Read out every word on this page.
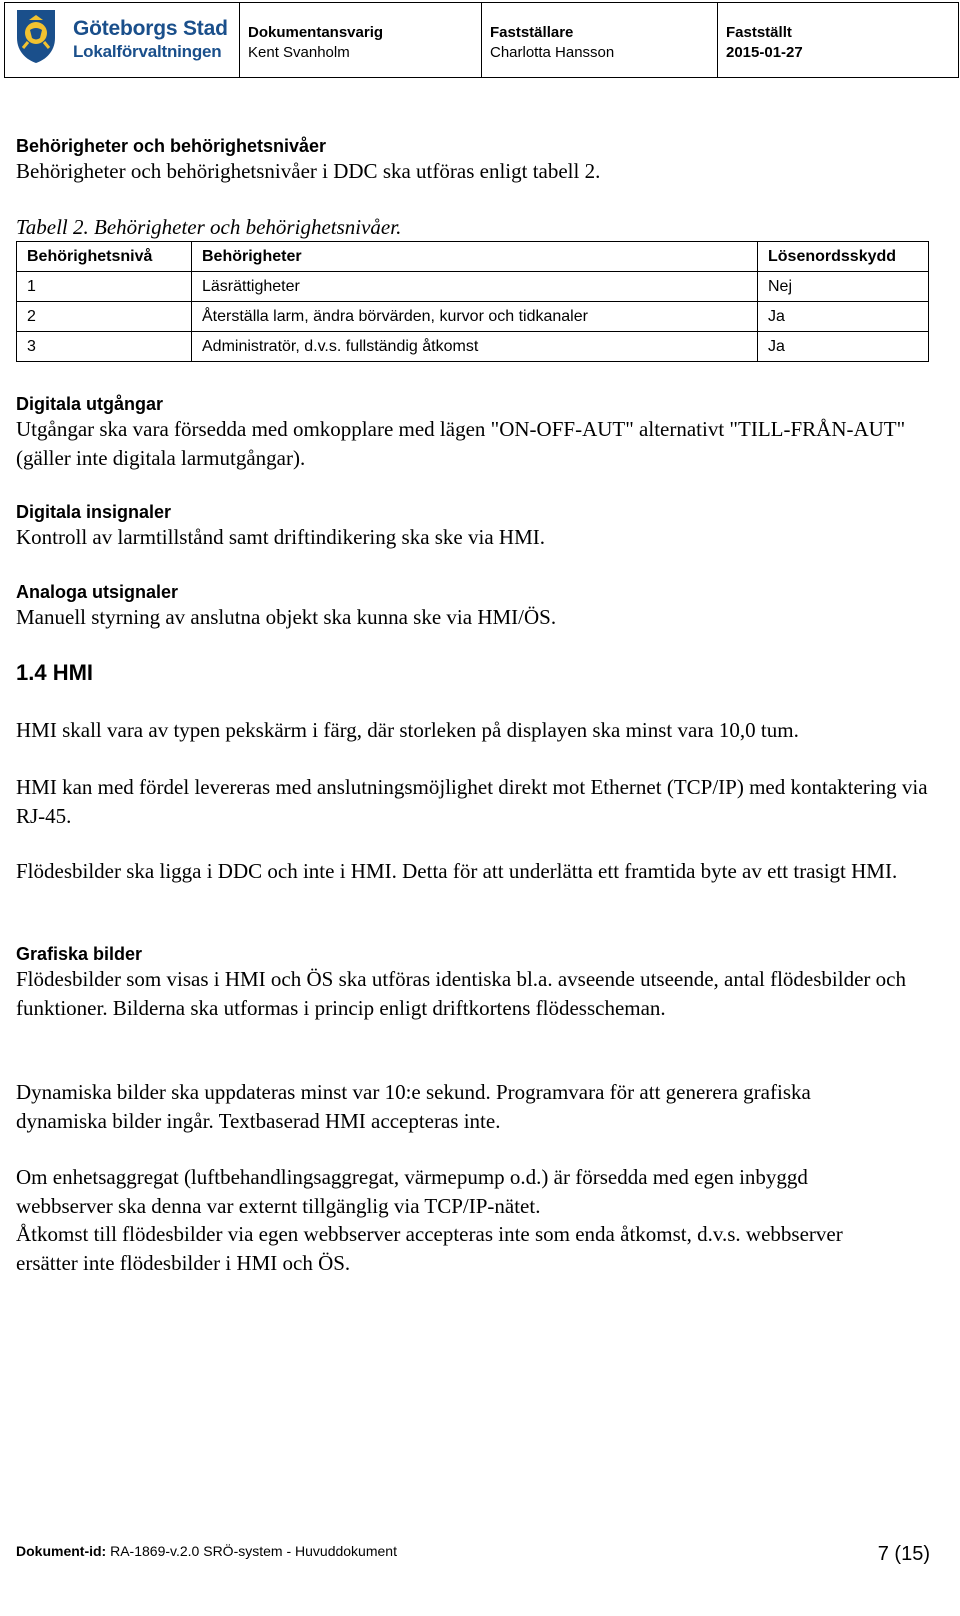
Göteborgs Stad
Lokalförvaltningen
Dokumentansvarig
Kent Svanholm
Fastställare
Charlotta Hansson
Fastställt
2015-01-27
Behörigheter och behörighetsnivåer
Behörigheter och behörighetsnivåer i DDC ska utföras enligt tabell 2.
Tabell 2. Behörigheter och behörighetsnivåer.
Behörighetsnivå	Behörigheter	Lösenordsskydd
1	Läsrättigheter	Nej
2	Återställa larm, ändra börvärden, kurvor och tidkanaler	Ja
3	Administratör, d.v.s. fullständig åtkomst	Ja
Digitala utgångar
Utgångar ska vara försedda med omkopplare med lägen "ON-OFF-AUT" alternativt "TILL-FRÅN-AUT" (gäller inte digitala larmutgångar).
Digitala insignaler
Kontroll av larmtillstånd samt driftindikering ska ske via HMI.
Analoga utsignaler
Manuell styrning av anslutna objekt ska kunna ske via HMI/ÖS.
1.4 HMI
HMI skall vara av typen pekskärm i färg, där storleken på displayen ska minst vara 10,0 tum.
HMI kan med fördel levereras med anslutningsmöjlighet direkt mot Ethernet (TCP/IP) med kontaktering via RJ-45.
Flödesbilder ska ligga i DDC och inte i HMI. Detta för att underlätta ett framtida byte av ett trasigt HMI.
Grafiska bilder
Flödesbilder som visas i HMI och ÖS ska utföras identiska bl.a. avseende utseende, antal flödesbilder och funktioner. Bilderna ska utformas i princip enligt driftkortens flödesscheman.
Dynamiska bilder ska uppdateras minst var 10:e sekund. Programvara för att generera grafiska dynamiska bilder ingår. Textbaserad HMI accepteras inte.
Om enhetsaggregat (luftbehandlingsaggregat, värmepump o.d.) är försedda med egen inbyggd webbserver ska denna var externt tillgänglig via TCP/IP-nätet.
Åtkomst till flödesbilder via egen webbserver accepteras inte som enda åtkomst, d.v.s. webbserver ersätter inte flödesbilder i HMI och ÖS.
Dokument-id: RA-1869-v.2.0 SRÖ-system - Huvuddokument	7 (15)
